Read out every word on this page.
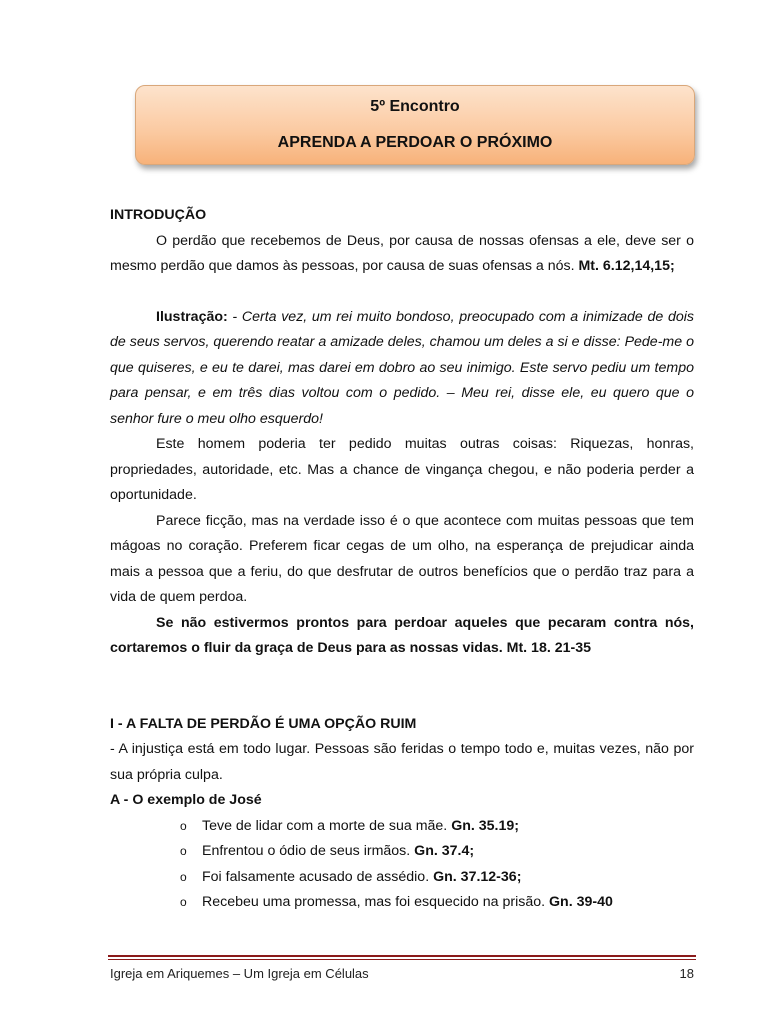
5º Encontro
APRENDA A PERDOAR O PRÓXIMO

INTRODUÇÃO

O perdão que recebemos de Deus, por causa de nossas ofensas a ele, deve ser o mesmo perdão que damos às pessoas, por causa de suas ofensas a nós. Mt. 6.12,14,15;

Ilustração: - Certa vez, um rei muito bondoso, preocupado com a inimizade de dois de seus servos, querendo reatar a amizade deles, chamou um deles a si e disse: Pede-me o que quiseres, e eu te darei, mas darei em dobro ao seu inimigo. Este servo pediu um tempo para pensar, e em três dias voltou com o pedido. – Meu rei, disse ele, eu quero que o senhor fure o meu olho esquerdo!

Este homem poderia ter pedido muitas outras coisas: Riquezas, honras, propriedades, autoridade, etc. Mas a chance de vingança chegou, e não poderia perder a oportunidade.

Parece ficção, mas na verdade isso é o que acontece com muitas pessoas que tem mágoas no coração. Preferem ficar cegas de um olho, na esperança de prejudicar ainda mais a pessoa que a feriu, do que desfrutar de outros benefícios que o perdão traz para a vida de quem perdoa.

Se não estivermos prontos para perdoar aqueles que pecaram contra nós, cortaremos o fluir da graça de Deus para as nossas vidas. Mt. 18. 21-35

I - A FALTA DE PERDÃO É UMA OPÇÃO RUIM

- A injustiça está em todo lugar. Pessoas são feridas o tempo todo e, muitas vezes, não por sua própria culpa.

A - O exemplo de José

o Teve de lidar com a morte de sua mãe. Gn. 35.19;
o Enfrentou o ódio de seus irmãos. Gn. 37.4;
o Foi falsamente acusado de assédio. Gn. 37.12-36;
o Recebeu uma promessa, mas foi esquecido na prisão. Gn. 39-40
Igreja em Ariquemes – Um Igreja em Células	18
